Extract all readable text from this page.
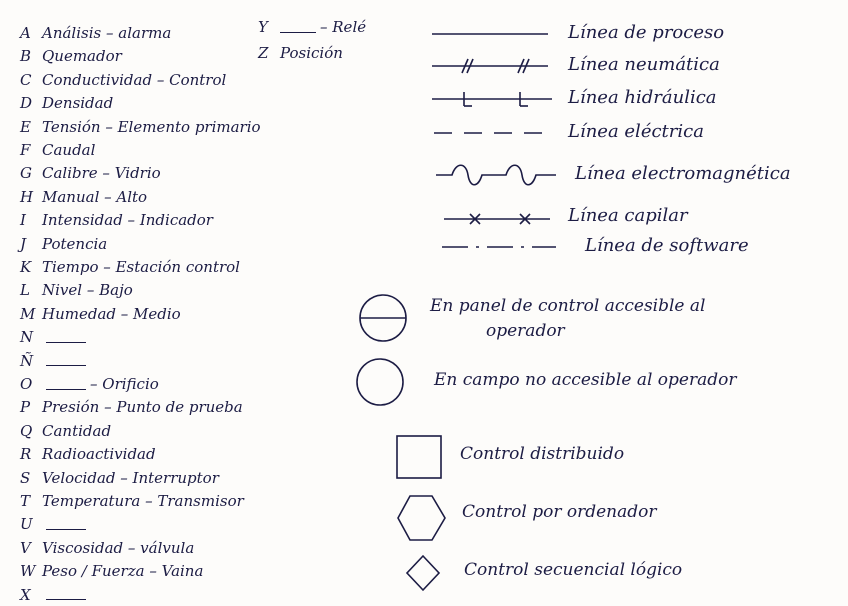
A Análisis – alarma
B Quemador
C Conductividad – Control
D Densidad
E Tensión – Elemento primario
F Caudal
G Calibre – Vidrio
H Manual – Alto
I	Intensidad – Indicador
J	Potencia
K Tiempo – Estación control
L Nivel – Bajo
M Humedad – Medio
N
Ñ
O	– Orificio
P Presión – Punto de prueba
Q Cantidad
R Radioactividad
S Velocidad – Interruptor
T Temperatura – Transmisor
U
V Viscosidad – válvula
W Peso / Fuerza – Vaina
X
Y	– Relé
Z Posición
Línea de proceso
Línea neumática
Línea hidráulica
Línea eléctrica
Línea electromagnética
Línea capilar
Línea de software
En panel de control accesible al
operador
En campo no accesible al operador
Control distribuido
Control por ordenador
Control secuencial lógico
